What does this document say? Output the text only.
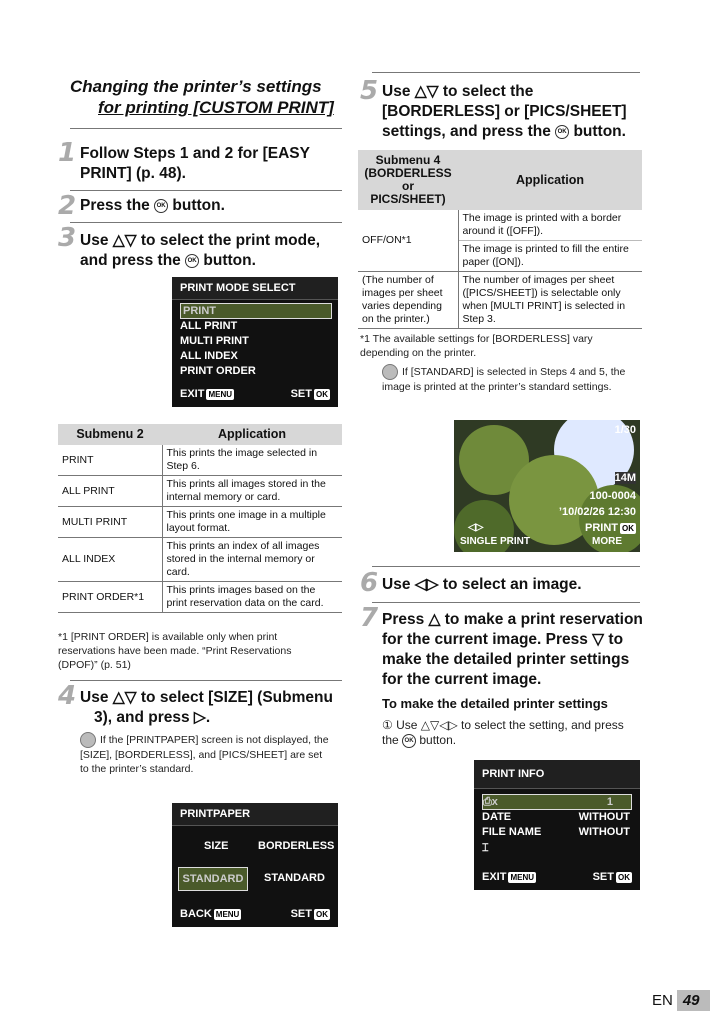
Changing the printer’s settings
for printing [CUSTOM PRINT]
1 Follow Steps 1 and 2 for [EASY PRINT] (p. 48).
2 Press the OK button.
3 Use △▽ to select the print mode,
and press the OK button.
PRINT MODE SELECT
PRINT
ALL PRINT
MULTI PRINT
ALL INDEX
PRINT ORDER
EXIT MENU	SET OK
Submenu 2	Application
PRINT	This prints the image selected in Step 6.
ALL PRINT	This prints all images stored in the internal memory or card.
MULTI PRINT	This prints one image in a multiple layout format.
ALL INDEX	This prints an index of all images stored in the internal memory or card.
PRINT ORDER*1	This prints images based on the print reservation data on the card.
*1 [PRINT ORDER] is available only when print reservations have been made. “Print Reservations (DPOF)” (p. 51)
4 Use △▽ to select [SIZE] (Submenu
3), and press ▷.
If the [PRINTPAPER] screen is not displayed, the [SIZE], [BORDERLESS], and [PICS/SHEET] are set to the printer’s standard.
PRINTPAPER
SIZE	BORDERLESS
STANDARD	STANDARD
BACK MENU	SET OK
5 Use △▽ to select the
[BORDERLESS] or [PICS/SHEET]
settings, and press the OK button.
Submenu 4 (BORDERLESS or PICS/SHEET)	Application
OFF/ON*1	The image is printed with a border around it ([OFF]).
	The image is printed to fill the entire paper ([ON]).
(The number of images per sheet varies depending on the printer.)	The number of images per sheet ([PICS/SHEET]) is selectable only when [MULTI PRINT] is selected in Step 3.
*1 The available settings for [BORDERLESS] vary depending on the printer.
If [STANDARD] is selected in Steps 4 and 5, the image is printed at the printer’s standard settings.
1/30
14M
100-0004
’10/02/26 12:30
◁▷	PRINT OK
SINGLE PRINT	MORE
6 Use ◁▷ to select an image.
7 Press △ to make a print reservation
for the current image. Press ▽ to
make the detailed printer settings
for the current image.
To make the detailed printer settings
① Use △▽◁▷ to select the setting, and press the OK button.
PRINT INFO
⎙x	1
DATE	WITHOUT
FILE NAME	WITHOUT
⌶
EXIT MENU	SET OK
EN 49
